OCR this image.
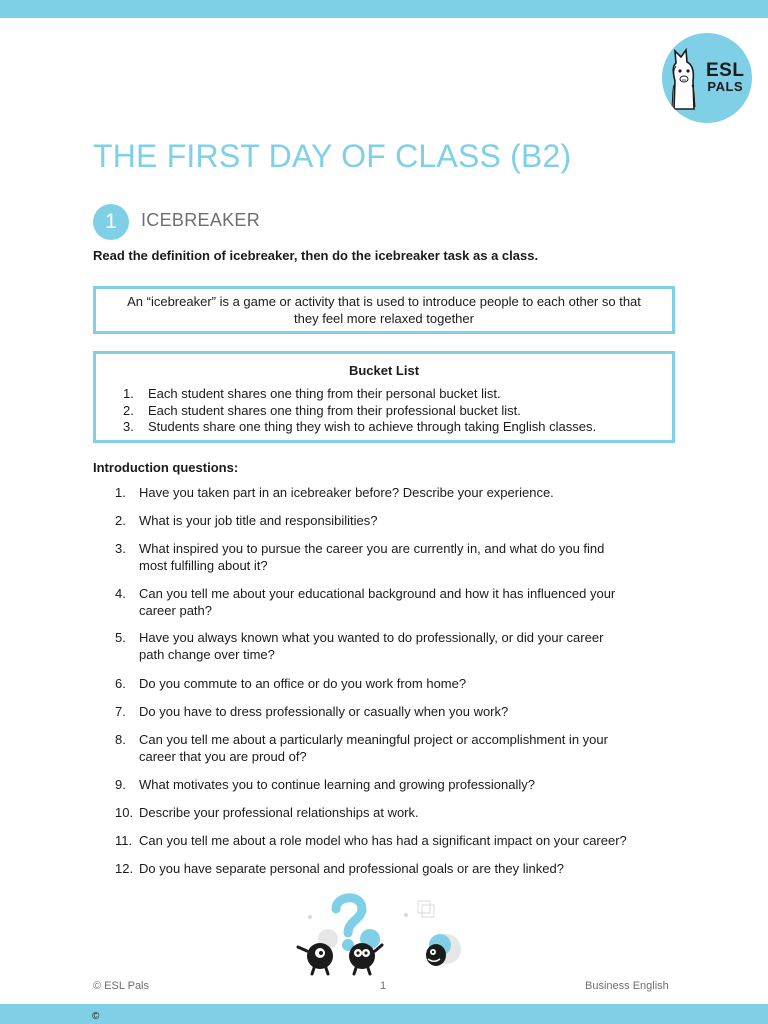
ESL
PALS
THE FIRST DAY OF CLASS (B2)
1	ICEBREAKER
Read the definition of icebreaker, then do the icebreaker task as a class.
An “icebreaker” is a game or activity that is used to introduce people to each other so that
they feel more relaxed together
Bucket List
1. Each student shares one thing from their personal bucket list.
2. Each student shares one thing from their professional bucket list.
3. Students share one thing they wish to achieve through taking English classes.
Introduction questions:
1.	Have you taken part in an icebreaker before? Describe your experience.
2.	What is your job title and responsibilities?
3.	What inspired you to pursue the career you are currently in, and what do you find
most fulfilling about it?
4.	Can you tell me about your educational background and how it has influenced your
career path?
5.	Have you always known what you wanted to do professionally, or did your career
path change over time?
6.	Do you commute to an office or do you work from home?
7.	Do you have to dress professionally or casually when you work?
8.	Can you tell me about a particularly meaningful project or accomplishment in your
career that you are proud of?
9.	What motivates you to continue learning and growing professionally?
10. Describe your professional relationships at work.
11. Can you tell me about a role model who has had a significant impact on your career?
12. Do you have separate personal and professional goals or are they linked?
© ESL Pals	1	Business English
©
